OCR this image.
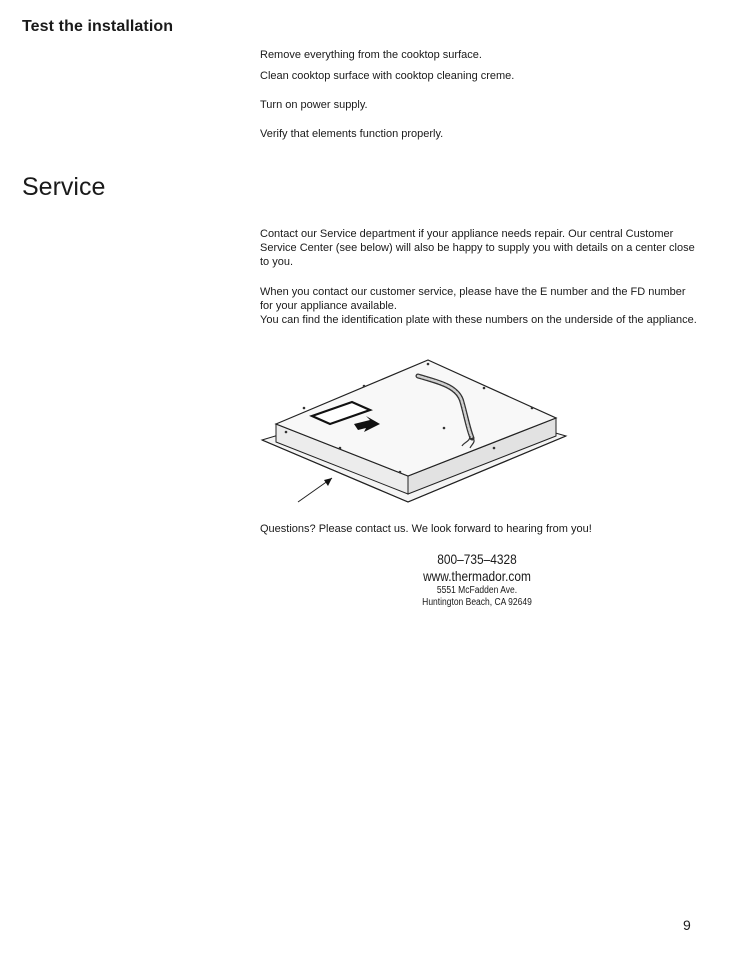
Test the installation

Remove everything from the cooktop surface.

Clean cooktop surface with cooktop cleaning creme.

Turn on power supply.

Verify that elements function properly.

Service

Contact our Service department if your appliance needs repair. Our central Customer Service Center (see below) will also be happy to supply you with details on a center close to you.

When you contact our customer service, please have the E number and the FD number for your appliance available.

You can find the identification plate with these numbers on the underside of the appliance.

Questions? Please contact us. We look forward to hearing from you!

800–735–4328
www.thermador.com
5551 McFadden Ave.
Huntington Beach, CA 92649
9
